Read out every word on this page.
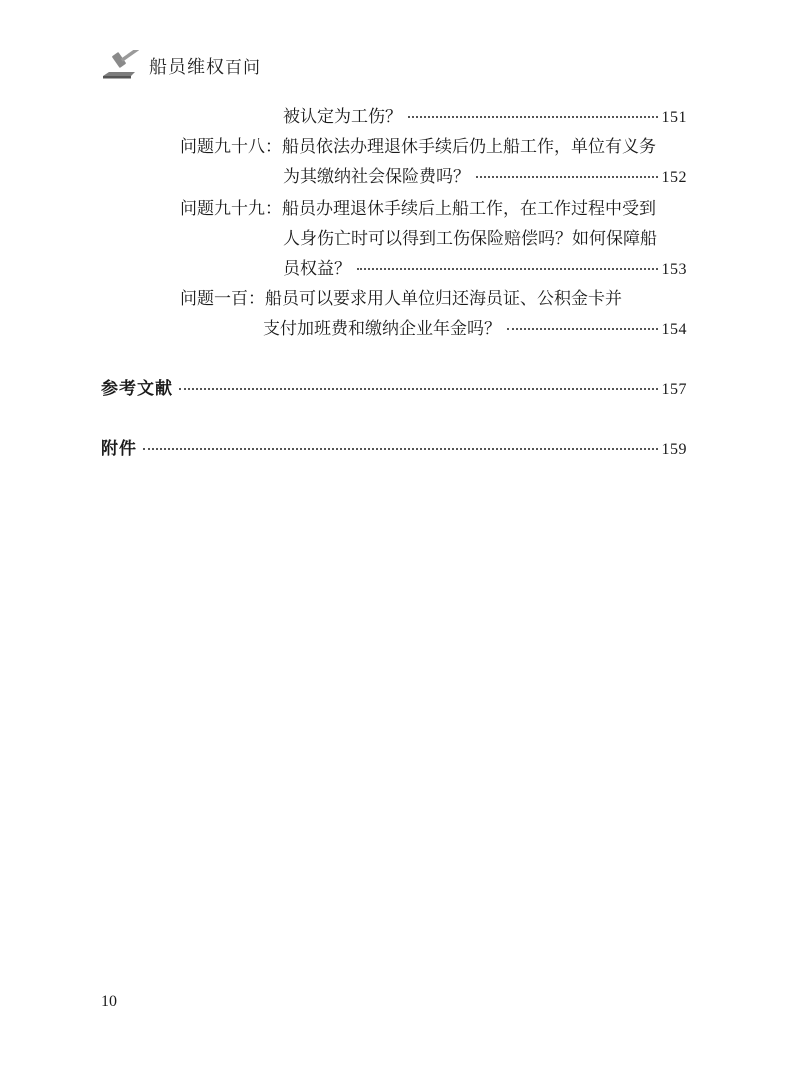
船员维权百问
被认定为工伤？	151
问题九十八：船员依法办理退休手续后仍上船工作，单位有义务
为其缴纳社会保险费吗？	152
问题九十九：船员办理退休手续后上船工作，在工作过程中受到
人身伤亡时可以得到工伤保险赔偿吗？如何保障船
员权益？	153
问题一百：船员可以要求用人单位归还海员证、公积金卡并
支付加班费和缴纳企业年金吗？	154
参考文献	157
附件	159
10
